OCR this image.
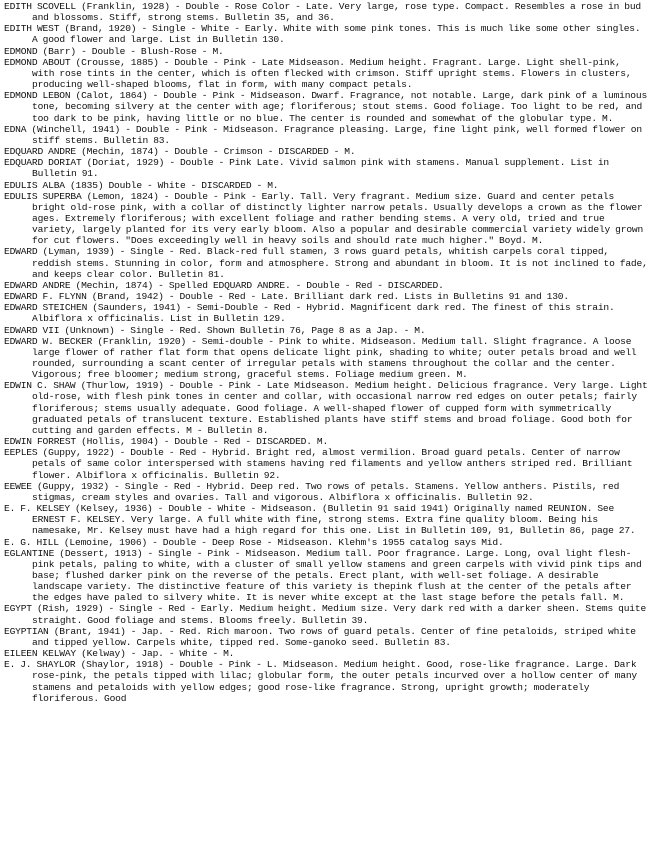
EDITH SCOVELL (Franklin, 1928) - Double - Rose Color - Late. Very large, rose type. Compact. Resembles a rose in bud and blossoms. Stiff, strong stems. Bulletin 35, and 36.

EDITH WEST (Brand, 1920) - Single - White - Early. White with some pink tones. This is much like some other singles. A good flower and large. List in Bulletin 130.

EDMOND (Barr) - Double - Blush-Rose - M.

EDMOND ABOUT (Crousse, 1885) - Double - Pink - Late Midseason. Medium height. Fragrant. Large. Light shell-pink, with rose tints in the center, which is often flecked with crimson. Stiff upright stems. Flowers in clusters, producing well-shaped blooms, flat in form, with many compact petals.

EDMOND LEBON (Calot, 1864) - Double - Pink - Midseason. Dwarf. Fragrance, not notable. Large, dark pink of a luminous tone, becoming silvery at the center with age; floriferous; stout stems. Good foliage. Too light to be red, and too dark to be pink, having little or no blue. The center is rounded and somewhat of the globular type. M.

EDNA (Winchell, 1941) - Double - Pink - Midseason. Fragrance pleasing. Large, fine light pink, well formed flower on stiff stems. Bulletin 83.

EDQUARD ANDRE (Mechin, 1874) - Double - Crimson - DISCARDED - M.

EDQUARD DORIAT (Doriat, 1929) - Double - Pink Late. Vivid salmon pink with stamens. Manual supplement. List in Bulletin 91.

EDULIS ALBA (1835) Double - White - DISCARDED - M.

EDULIS SUPERBA (Lemon, 1824) - Double - Pink - Early. Tall. Very fragrant. Medium size. Guard and center petals bright old-rose pink, with a collar of distinctly lighter narrow petals. Usually develops a crown as the flower ages. Extremely floriferous; with excellent foliage and rather bending stems. A very old, tried and true variety, largely planted for its very early bloom. Also a popular and desirable commercial variety widely grown for cut flowers. "Does exceedingly well in heavy soils and should rate much higher." Boyd. M.

EDWARD (Lyman, 1939) - Single - Red. Black-red full stamen, 3 rows guard petals, whitish carpels coral tipped, reddish stems. Stunning in color, form and atmosphere. Strong and abundant in bloom. It is not inclined to fade, and keeps clear color. Bulletin 81.

EDWARD ANDRE (Mechin, 1874) - Spelled EDQUARD ANDRE. - Double - Red - DISCARDED.

EDWARD F. FLYNN (Brand, 1942) - Double - Red - Late. Brilliant dark red. Lists in Bulletins 91 and 130.

EDWARD STEICHEN (Saunders, 1941) - Semi-Double - Red - Hybrid. Magnificent dark red. The finest of this strain. Albiflora x officinalis. List in Bulletin 129.

EDWARD VII (Unknown) - Single - Red. Shown Bulletin 76, Page 8 as a Jap. - M.

EDWARD W. BECKER (Franklin, 1920) - Semi-double - Pink to white. Midseason. Medium tall. Slight fragrance. A loose large flower of rather flat form that opens delicate light pink, shading to white; outer petals broad and well rounded, surrounding a scant center of irregular petals with stamens throughout the collar and the center. Vigorous; free bloomer; medium strong, graceful stems. Foliage medium green. M.

EDWIN C. SHAW (Thurlow, 1919) - Double - Pink - Late Midseason. Medium height. Delicious fragrance. Very large. Light old-rose, with flesh pink tones in center and collar, with occasional narrow red edges on outer petals; fairly floriferous; stems usually adequate. Good foliage. A well-shaped flower of cupped form with symmetrically graduated petals of translucent texture. Established plants have stiff stems and broad foliage. Good both for cutting and garden effects. M - Bulletin 8.

EDWIN FORREST (Hollis, 1904) - Double - Red - DISCARDED. M.

EEPLES (Guppy, 1922) - Double - Red - Hybrid. Bright red, almost vermilion. Broad guard petals. Center of narrow petals of same color interspersed with stamens having red filaments and yellow anthers striped red. Brilliant flower. Albiflora x officinalis. Bulletin 92.

EEWEE (Guppy, 1932) - Single - Red - Hybrid. Deep red. Two rows of petals. Stamens. Yellow anthers. Pistils, red stigmas, cream styles and ovaries. Tall and vigorous. Albiflora x officinalis. Bulletin 92.

E. F. KELSEY (Kelsey, 1936) - Double - White - Midseason. (Bulletin 91 said 1941) Originally named REUNION. See ERNEST F. KELSEY. Very large. A full white with fine, strong stems. Extra fine quality bloom. Being his namesake, Mr. Kelsey must have had a high regard for this one. List in Bulletin 109, 91, Bulletin 86, page 27.

E. G. HILL (Lemoine, 1906) - Double - Deep Rose - Midseason. Klehm's 1955 catalog says Mid.

EGLANTINE (Dessert, 1913) - Single - Pink - Midseason. Medium tall. Poor fragrance. Large. Long, oval light flesh-pink petals, paling to white, with a cluster of small yellow stamens and green carpels with vivid pink tips and base; flushed darker pink on the reverse of the petals. Erect plant, with well-set foliage. A desirable landscape variety. The distinctive feature of this variety is thepink flush at the center of the petals after the edges have paled to silvery white. It is never white except at the last stage before the petals fall. M.

EGYPT (Rish, 1929) - Single - Red - Early. Medium height. Medium size. Very dark red with a darker sheen. Stems quite straight. Good foliage and stems. Blooms freely. Bulletin 39.

EGYPTIAN (Brant, 1941) - Jap. - Red. Rich maroon. Two rows of guard petals. Center of fine petaloids, striped white and tipped yellow. Carpels white, tipped red. Some-ganoko seed. Bulletin 83.

EILEEN KELWAY (Kelway) - Jap. - White - M.

E. J. SHAYLOR (Shaylor, 1918) - Double - Pink - L. Midseason. Medium height. Good, rose-like fragrance. Large. Dark rose-pink, the petals tipped with lilac; globular form, the outer petals incurved over a hollow center of many stamens and petaloids with yellow edges; good rose-like fragrance. Strong, upright growth; moderately floriferous. Good
